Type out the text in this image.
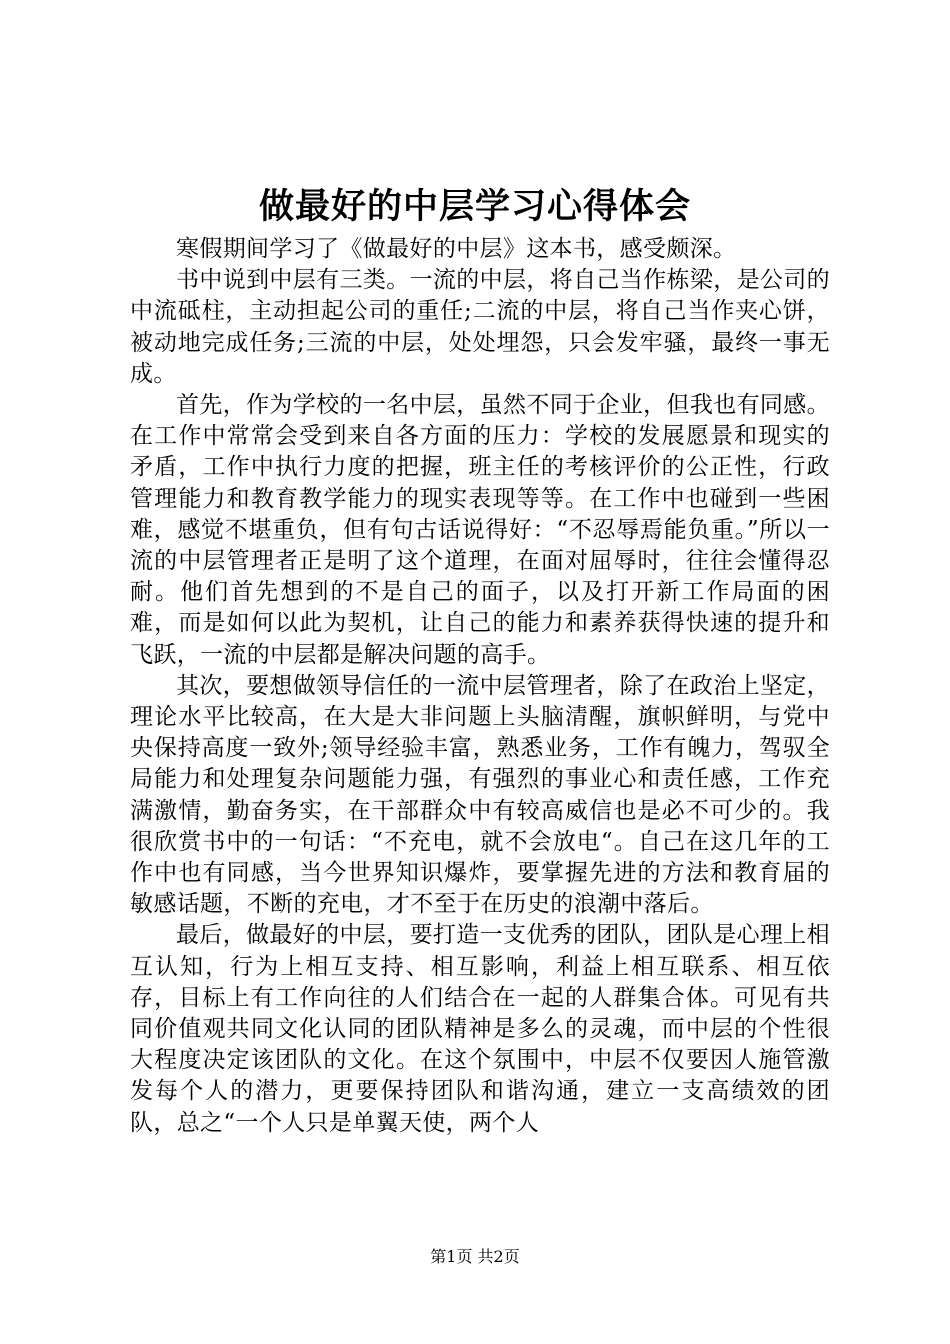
做最好的中层学习心得体会

寒假期间学习了《做最好的中层》这本书，感受颇深。

书中说到中层有三类。一流的中层，将自己当作栋梁，是公司的中流砥柱，主动担起公司的重任;二流的中层，将自己当作夹心饼，被动地完成任务;三流的中层，处处埋怨，只会发牢骚，最终一事无成。

首先，作为学校的一名中层，虽然不同于企业，但我也有同感。在工作中常常会受到来自各方面的压力：学校的发展愿景和现实的矛盾，工作中执行力度的把握，班主任的考核评价的公正性，行政管理能力和教育教学能力的现实表现等等。在工作中也碰到一些困难，感觉不堪重负，但有句古话说得好：“不忍辱焉能负重。”所以一流的中层管理者正是明了这个道理，在面对屈辱时，往往会懂得忍耐。他们首先想到的不是自己的面子，以及打开新工作局面的困难，而是如何以此为契机，让自己的能力和素养获得快速的提升和飞跃，一流的中层都是解决问题的高手。

其次，要想做领导信任的一流中层管理者，除了在政治上坚定，理论水平比较高，在大是大非问题上头脑清醒，旗帜鲜明，与党中央保持高度一致外;领导经验丰富，熟悉业务，工作有魄力，驾驭全局能力和处理复杂问题能力强，有强烈的事业心和责任感，工作充满激情，勤奋务实，在干部群众中有较高威信也是必不可少的。我很欣赏书中的一句话：“不充电，就不会放电“。自己在这几年的工作中也有同感，当今世界知识爆炸，要掌握先进的方法和教育届的敏感话题，不断的充电，才不至于在历史的浪潮中落后。

最后，做最好的中层，要打造一支优秀的团队，团队是心理上相互认知，行为上相互支持、相互影响，利益上相互联系、相互依存，目标上有工作向往的人们结合在一起的人群集合体。可见有共同价值观共同文化认同的团队精神是多么的灵魂，而中层的个性很大程度决定该团队的文化。在这个氛围中，中层不仅要因人施管激发每个人的潜力，更要保持团队和谐沟通，建立一支高绩效的团队，总之“一个人只是单翼天使，两个人

第1页 共2页
